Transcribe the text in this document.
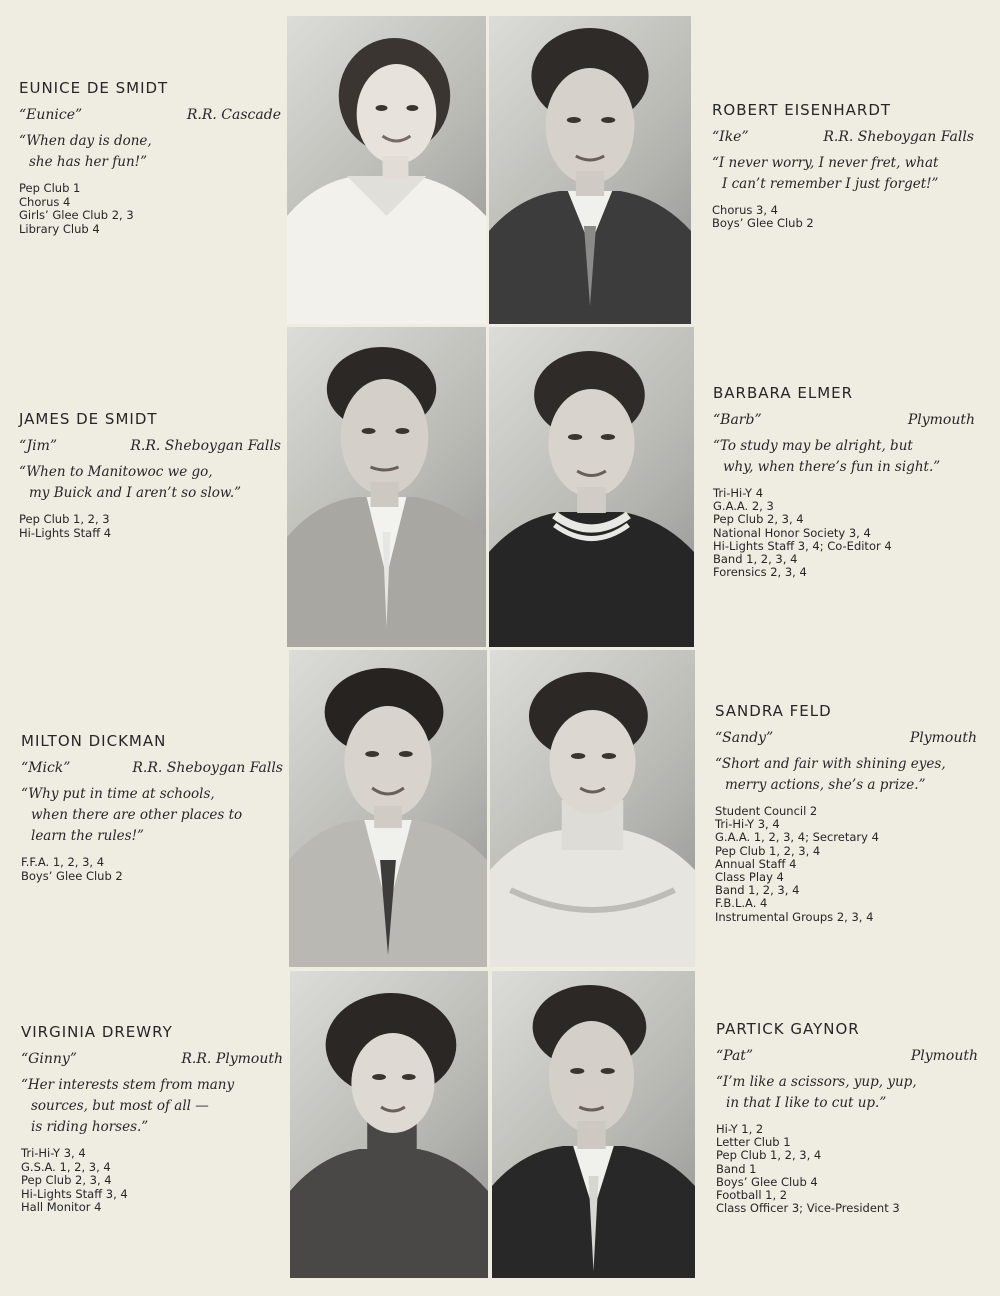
EUNICE DE SMIDT
“Eunice”	R.R. Cascade
“When day is done,
she has her fun!”
Pep Club 1
Chorus 4
Girls’ Glee Club 2, 3
Library Club 4
ROBERT EISENHARDT
“Ike”	R.R. Sheboygan Falls
“I never worry, I never fret, what
I can’t remember I just forget!”
Chorus 3, 4
Boys’ Glee Club 2
JAMES DE SMIDT
“Jim”	R.R. Sheboygan Falls
“When to Manitowoc we go,
my Buick and I aren’t so slow.”
Pep Club 1, 2, 3
Hi-Lights Staff 4
BARBARA ELMER
“Barb”	Plymouth
“To study may be alright, but
why, when there’s fun in sight.”
Tri-Hi-Y 4
G.A.A. 2, 3
Pep Club 2, 3, 4
National Honor Society 3, 4
Hi-Lights Staff 3, 4; Co-Editor 4
Band 1, 2, 3, 4
Forensics 2, 3, 4
MILTON DICKMAN
“Mick”	R.R. Sheboygan Falls
“Why put in time at schools,
when there are other places to
learn the rules!”
F.F.A. 1, 2, 3, 4
Boys’ Glee Club 2
SANDRA FELD
“Sandy”	Plymouth
“Short and fair with shining eyes,
merry actions, she’s a prize.”
Student Council 2
Tri-Hi-Y 3, 4
G.A.A. 1, 2, 3, 4; Secretary 4
Pep Club 1, 2, 3, 4
Annual Staff 4
Class Play 4
Band 1, 2, 3, 4
F.B.L.A. 4
Instrumental Groups 2, 3, 4
VIRGINIA DREWRY
“Ginny”	R.R. Plymouth
“Her interests stem from many
sources, but most of all —
is riding horses.”
Tri-Hi-Y 3, 4
G.S.A. 1, 2, 3, 4
Pep Club 2, 3, 4
Hi-Lights Staff 3, 4
Hall Monitor 4
PARTICK GAYNOR
“Pat”	Plymouth
“I’m like a scissors, yup, yup,
in that I like to cut up.”
Hi-Y 1, 2
Letter Club 1
Pep Club 1, 2, 3, 4
Band 1
Boys’ Glee Club 4
Football 1, 2
Class Officer 3; Vice-President 3
